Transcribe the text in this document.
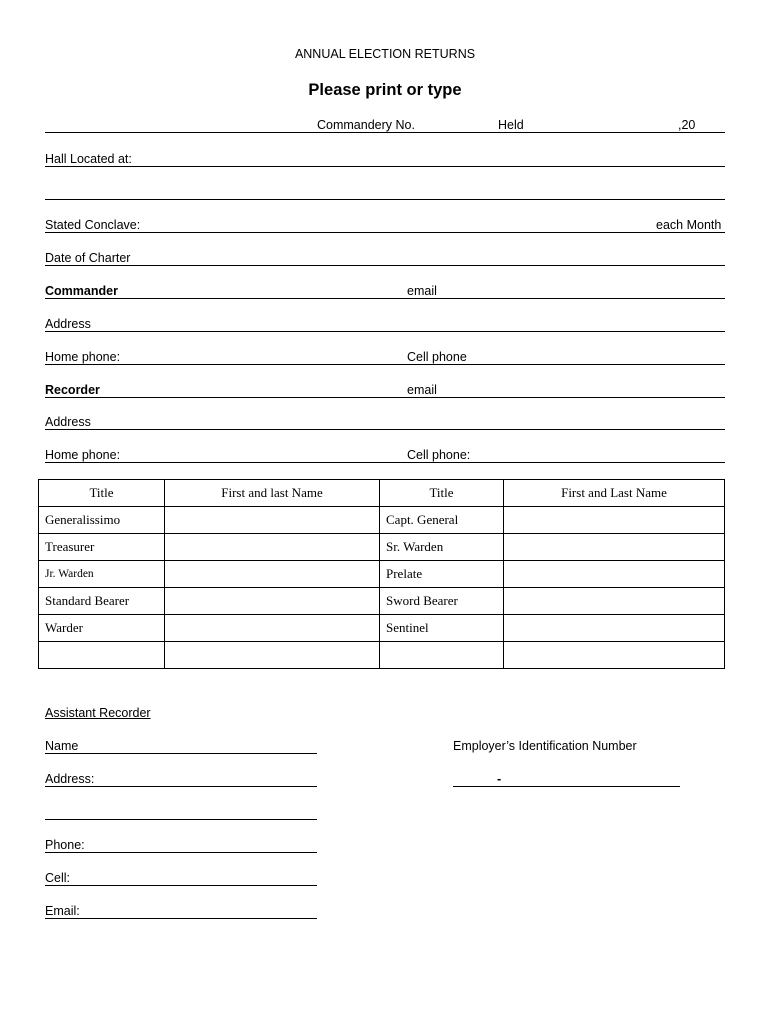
ANNUAL ELECTION RETURNS
Please print or type
Commandery No.	Held	,20
Hall Located at:
Stated Conclave:	each Month
Date of Charter
Commander	email
Address
Home phone:	Cell phone
Recorder	email
Address
Home phone:	Cell phone:
Title	First and last Name	Title	First and Last Name
Generalissimo		Capt. General	
Treasurer		Sr. Warden	
Jr. Warden		Prelate	
Standard Bearer		Sword Bearer	
Warder		Sentinel	

Assistant Recorder
Name	Employer’s Identification Number
Address:	-
Phone:
Cell:
Email:
